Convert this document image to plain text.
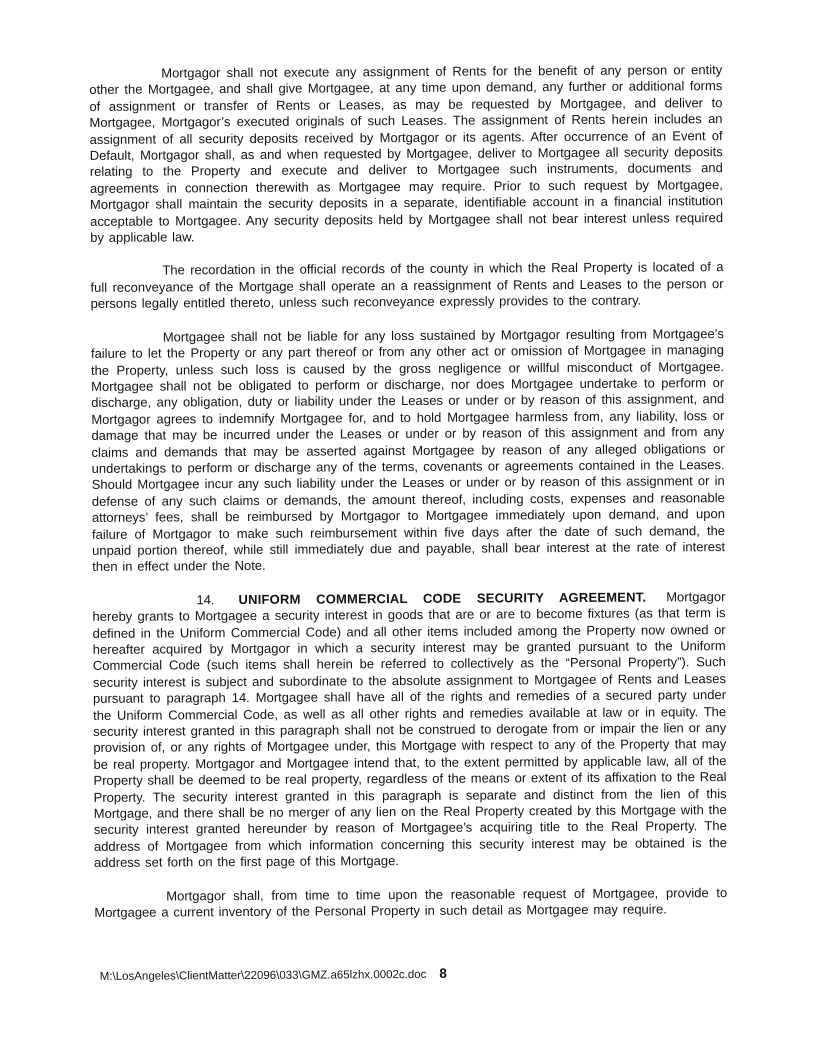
Mortgagor shall not execute any assignment of Rents for the benefit of any person or entity other the Mortgagee, and shall give Mortgagee, at any time upon demand, any further or additional forms of assignment or transfer of Rents or Leases, as may be requested by Mortgagee, and deliver to Mortgagee, Mortgagor’s executed originals of such Leases. The assignment of Rents herein includes an assignment of all security deposits received by Mortgagor or its agents. After occurrence of an Event of Default, Mortgagor shall, as and when requested by Mortgagee, deliver to Mortgagee all security deposits relating to the Property and execute and deliver to Mortgagee such instruments, documents and agreements in connection therewith as Mortgagee may require. Prior to such request by Mortgagee, Mortgagor shall maintain the security deposits in a separate, identifiable account in a financial institution acceptable to Mortgagee. Any security deposits held by Mortgagee shall not bear interest unless required by applicable law.

The recordation in the official records of the county in which the Real Property is located of a full reconveyance of the Mortgage shall operate an a reassignment of Rents and Leases to the person or persons legally entitled thereto, unless such reconveyance expressly provides to the contrary.

Mortgagee shall not be liable for any loss sustained by Mortgagor resulting from Mortgagee’s failure to let the Property or any part thereof or from any other act or omission of Mortgagee in managing the Property, unless such loss is caused by the gross negligence or willful misconduct of Mortgagee. Mortgagee shall not be obligated to perform or discharge, nor does Mortgagee undertake to perform or discharge, any obligation, duty or liability under the Leases or under or by reason of this assignment, and Mortgagor agrees to indemnify Mortgagee for, and to hold Mortgagee harmless from, any liability, loss or damage that may be incurred under the Leases or under or by reason of this assignment and from any claims and demands that may be asserted against Mortgagee by reason of any alleged obligations or undertakings to perform or discharge any of the terms, covenants or agreements contained in the Leases. Should Mortgagee incur any such liability under the Leases or under or by reason of this assignment or in defense of any such claims or demands, the amount thereof, including costs, expenses and reasonable attorneys’ fees, shall be reimbursed by Mortgagor to Mortgagee immediately upon demand, and upon failure of Mortgagor to make such reimbursement within five days after the date of such demand, the unpaid portion thereof, while still immediately due and payable, shall bear interest at the rate of interest then in effect under the Note.

14. UNIFORM COMMERCIAL CODE SECURITY AGREEMENT. Mortgagor hereby grants to Mortgagee a security interest in goods that are or are to become fixtures (as that term is defined in the Uniform Commercial Code) and all other items included among the Property now owned or hereafter acquired by Mortgagor in which a security interest may be granted pursuant to the Uniform Commercial Code (such items shall herein be referred to collectively as the “Personal Property”). Such security interest is subject and subordinate to the absolute assignment to Mortgagee of Rents and Leases pursuant to paragraph 14. Mortgagee shall have all of the rights and remedies of a secured party under the Uniform Commercial Code, as well as all other rights and remedies available at law or in equity. The security interest granted in this paragraph shall not be construed to derogate from or impair the lien or any provision of, or any rights of Mortgagee under, this Mortgage with respect to any of the Property that may be real property. Mortgagor and Mortgagee intend that, to the extent permitted by applicable law, all of the Property shall be deemed to be real property, regardless of the means or extent of its affixation to the Real Property. The security interest granted in this paragraph is separate and distinct from the lien of this Mortgage, and there shall be no merger of any lien on the Real Property created by this Mortgage with the security interest granted hereunder by reason of Mortgagee’s acquiring title to the Real Property. The address of Mortgagee from which information concerning this security interest may be obtained is the address set forth on the first page of this Mortgage.

Mortgagor shall, from time to time upon the reasonable request of Mortgagee, provide to Mortgagee a current inventory of the Personal Property in such detail as Mortgagee may require.

M:\LosAngeles\ClientMatter\22096\033\GMZ.a65lzhx.0002c.doc 8
